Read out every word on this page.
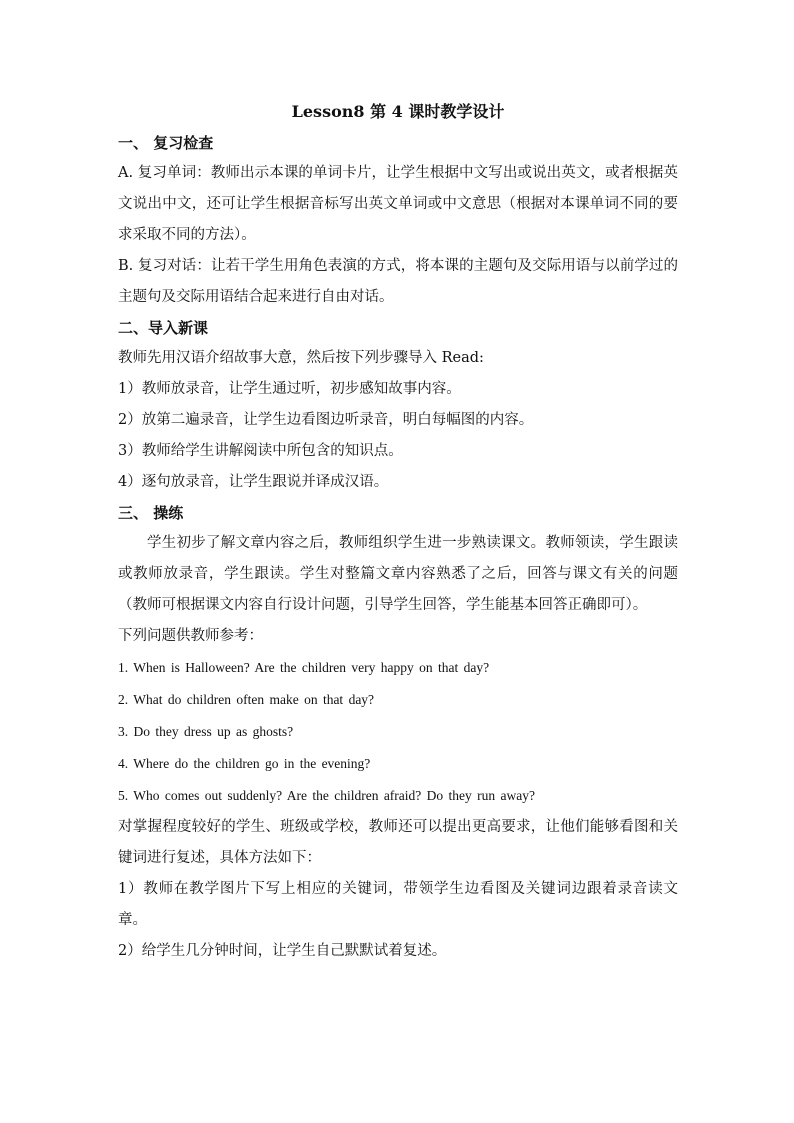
Lesson8 第 4 课时教学设计

一、 复习检查

A. 复习单词：教师出示本课的单词卡片，让学生根据中文写出或说出英文，或者根据英文说出中文，还可让学生根据音标写出英文单词或中文意思（根据对本课单词不同的要求采取不同的方法）。

B. 复习对话：让若干学生用角色表演的方式，将本课的主题句及交际用语与以前学过的主题句及交际用语结合起来进行自由对话。

二、导入新课

教师先用汉语介绍故事大意，然后按下列步骤导入 Read:

1）教师放录音，让学生通过听，初步感知故事内容。

2）放第二遍录音，让学生边看图边听录音，明白每幅图的内容。

3）教师给学生讲解阅读中所包含的知识点。

4）逐句放录音，让学生跟说并译成汉语。

三、 操练

学生初步了解文章内容之后，教师组织学生进一步熟读课文。教师领读，学生跟读或教师放录音，学生跟读。学生对整篇文章内容熟悉了之后，回答与课文有关的问题（教师可根据课文内容自行设计问题，引导学生回答，学生能基本回答正确即可）。

下列问题供教师参考：

1. When is Halloween? Are the children very happy on that day?

2. What do children often make on that day?

3. Do they dress up as ghosts?

4. Where do the children go in the evening?

5. Who comes out suddenly? Are the children afraid? Do they run away?

对掌握程度较好的学生、班级或学校，教师还可以提出更高要求，让他们能够看图和关键词进行复述，具体方法如下：

1）教师在教学图片下写上相应的关键词，带领学生边看图及关键词边跟着录音读文章。

2）给学生几分钟时间，让学生自己默默试着复述。
